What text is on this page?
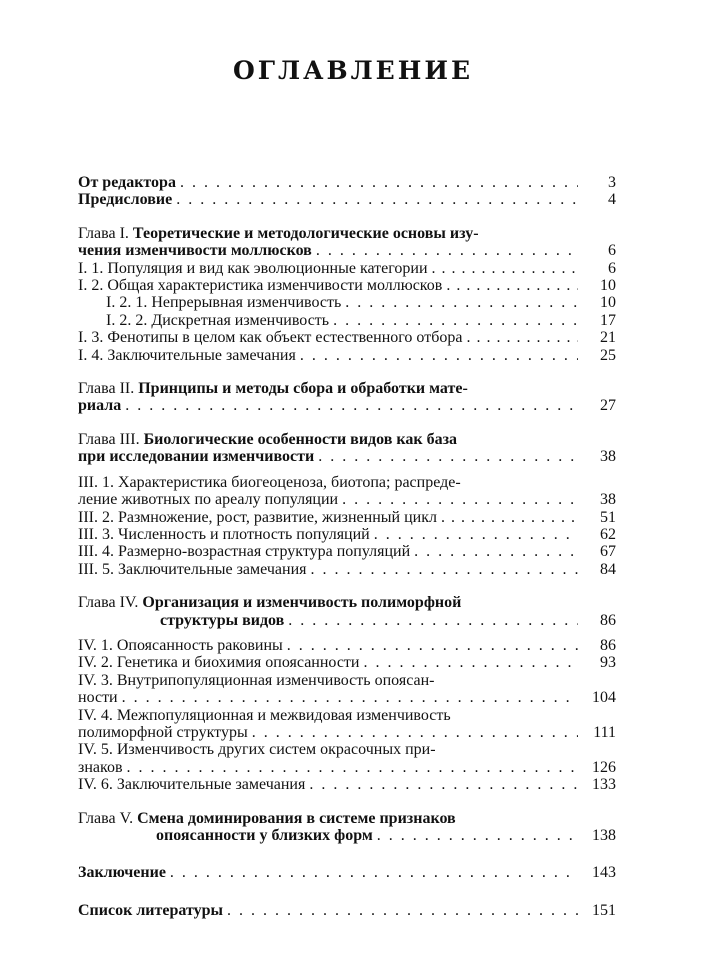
ОГЛАВЛЕНИЕ
От редактора . . .	3
Предисловие . . .	4
Глава I. Теоретические и методологические основы изу-
чения изменчивости моллюсков . . .	6
I. 1. Популяция и вид как эволюционные категории . . .	6
I. 2. Общая характеристика изменчивости моллюсков . . .	10
I. 2. 1. Непрерывная изменчивость . . .	10
I. 2. 2. Дискретная изменчивость . . .	17
I. 3. Фенотипы в целом как объект естественного отбора . . .	21
I. 4. Заключительные замечания . . .	25
Глава II. Принципы и методы сбора и обработки мате-
риала . . .	27
Глава III. Биологические особенности видов как база
при исследовании изменчивости . . .	38
III. 1. Характеристика биогеоценоза, биотопа; распреде-
ление животных по ареалу популяции . . .	38
III. 2. Размножение, рост, развитие, жизненный цикл . . .	51
III. 3. Численность и плотность популяций . . .	62
III. 4. Размерно-возрастная структура популяций . . .	67
III. 5. Заключительные замечания . . .	84
Глава IV. Организация и изменчивость полиморфной
структуры видов . . .	86
IV. 1. Опоясанность раковины . . .	86
IV. 2. Генетика и биохимия опоясанности . . .	93
IV. 3. Внутрипопуляционная изменчивость опоясан-
ности . . .	104
IV. 4. Межпопуляционная и межвидовая изменчивость
полиморфной структуры . . .	111
IV. 5. Изменчивость других систем окрасочных при-
знаков . . .	126
IV. 6. Заключительные замечания . . .	133
Глава V. Смена доминирования в системе признаков
опоясанности у близких форм . . .	138
Заключение . . .	143
Список литературы . . .	151
